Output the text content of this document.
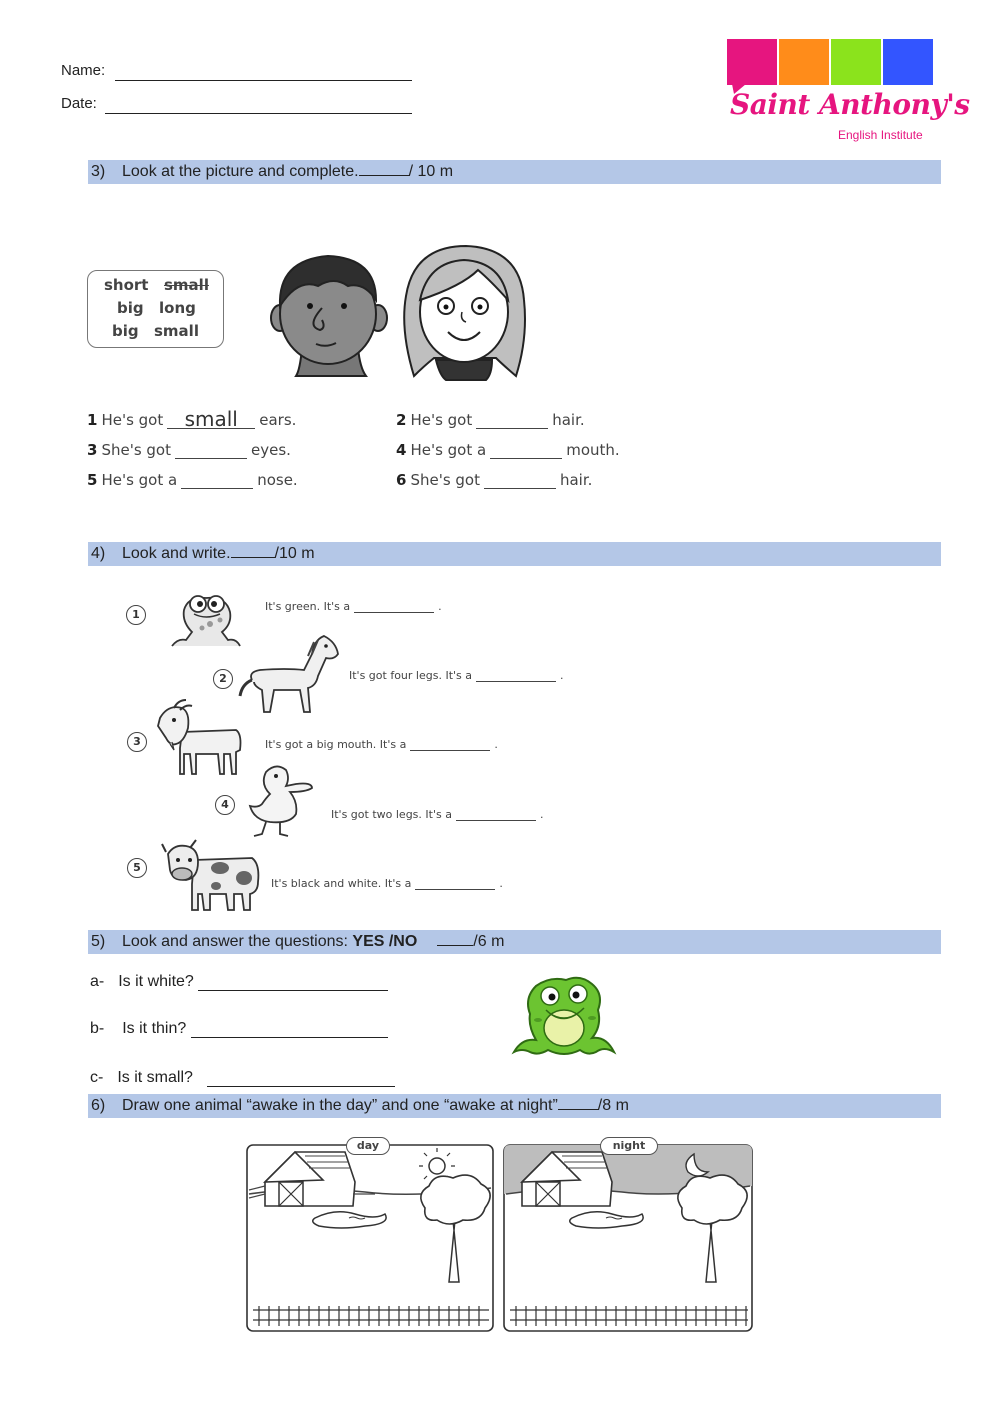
Name:
Date:	Saint Anthony's
English Institute
3) Look at the picture and complete.	/ 10 m
short small
big long
big small
1 He's got small ears.	2 He's got	hair.
3 She's got	eyes.	4 He's got a	mouth.
5 He's got a	nose.	6 She's got	hair.
4) Look and write.	/10 m
1
It's green. It's a	.
2	It's got four legs. It's a	.
3	It's got a big mouth. It's a	.
4
It's got two legs. It's a	.
5
It's black and white. It's a	.
5) Look and answer the questions: YES /NO	/6 m
a- Is it white?
b- Is it thin?
c- Is it small?
6) Draw one animal “awake in the day” and one “awake at night”	/8 m
day	night
